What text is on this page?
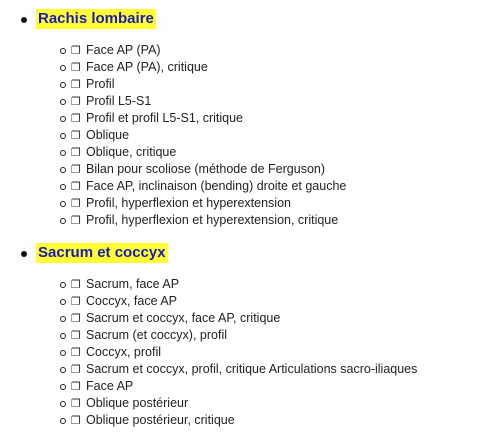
Rachis lombaire
❐ Face AP (PA)
❐ Face AP (PA), critique
❐ Profil
❐ Profil L5-S1
❐ Profil et profil L5-S1, critique
❐ Oblique
❐ Oblique, critique
❐ Bilan pour scoliose (méthode de Ferguson)
❐ Face AP, inclinaison (bending) droite et gauche
❐ Profil, hyperflexion et hyperextension
❐ Profil, hyperflexion et hyperextension, critique
Sacrum et coccyx
❐ Sacrum, face AP
❐ Coccyx, face AP
❐ Sacrum et coccyx, face AP, critique
❐ Sacrum (et coccyx), profil
❐ Coccyx, profil
❐ Sacrum et coccyx, profil, critique Articulations sacro-iliaques
❐ Face AP
❐ Oblique postérieur
❐ Oblique postérieur, critique
